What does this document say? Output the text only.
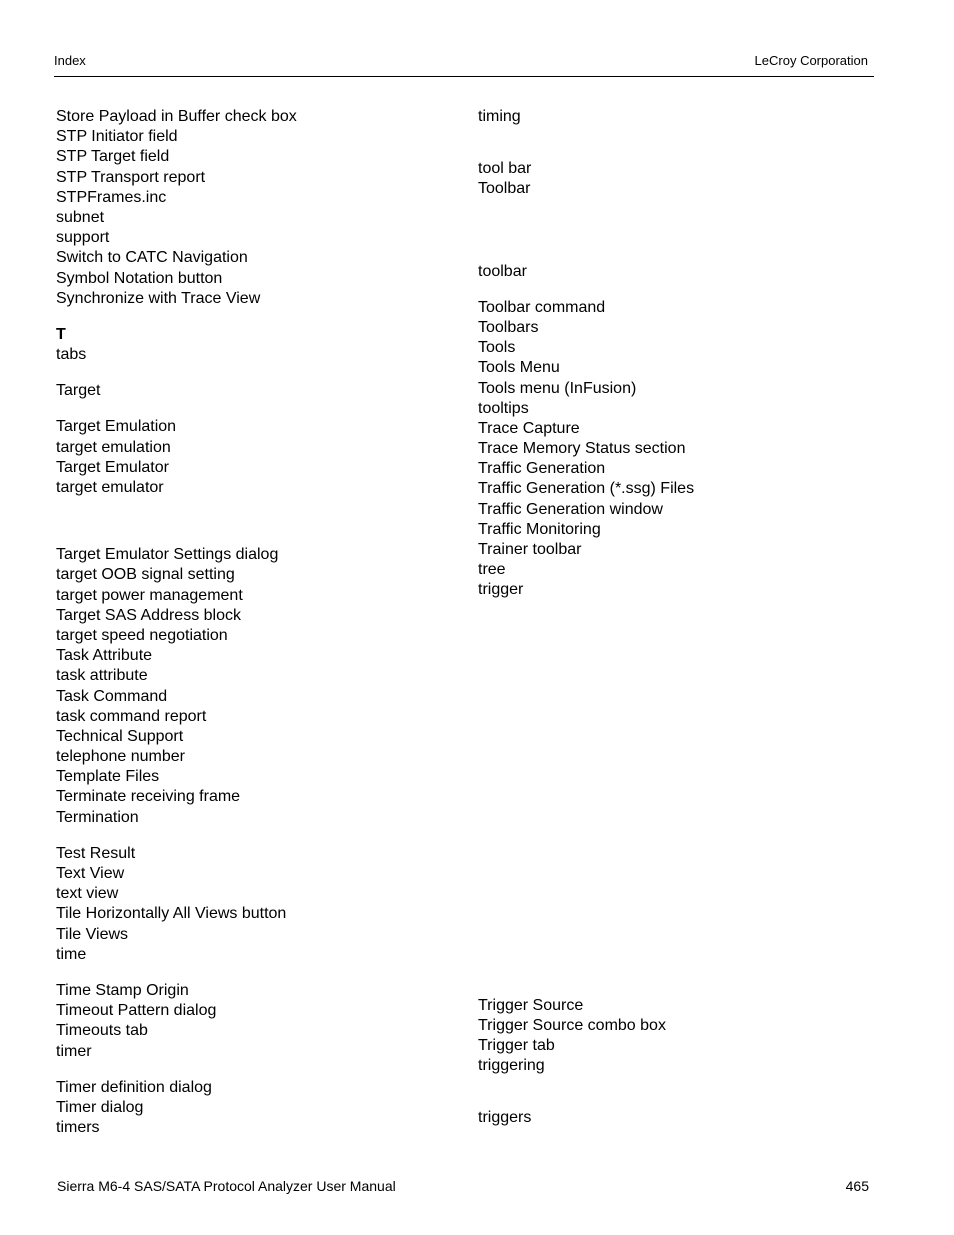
Index	LeCroy Corporation
Store Payload in Buffer check box
STP Initiator field
STP Target field
STP Transport report
STPFrames.inc
subnet
support
Switch to CATC Navigation
Symbol Notation button
Synchronize with Trace View
T
tabs
Target
Target Emulation
target emulation
Target Emulator
target emulator
Target Emulator Settings dialog
target OOB signal setting
target power management
Target SAS Address block
target speed negotiation
Task Attribute
task attribute
Task Command
task command report
Technical Support
telephone number
Template Files
Terminate receiving frame
Termination
Test Result
Text View
text view
Tile Horizontally All Views button
Tile Views
time
Time Stamp Origin
Timeout Pattern dialog
Timeouts tab
timer
Timer definition dialog
Timer dialog
timers
timing
tool bar
Toolbar
toolbar
Toolbar command
Toolbars
Tools
Tools Menu
Tools menu (InFusion)
tooltips
Trace Capture
Trace Memory Status section
Traffic Generation
Traffic Generation (*.ssg) Files
Traffic Generation window
Traffic Monitoring
Trainer toolbar
tree
trigger
Trigger Source
Trigger Source combo box
Trigger tab
triggering
triggers
Sierra M6-4 SAS/SATA Protocol Analyzer User Manual	465
